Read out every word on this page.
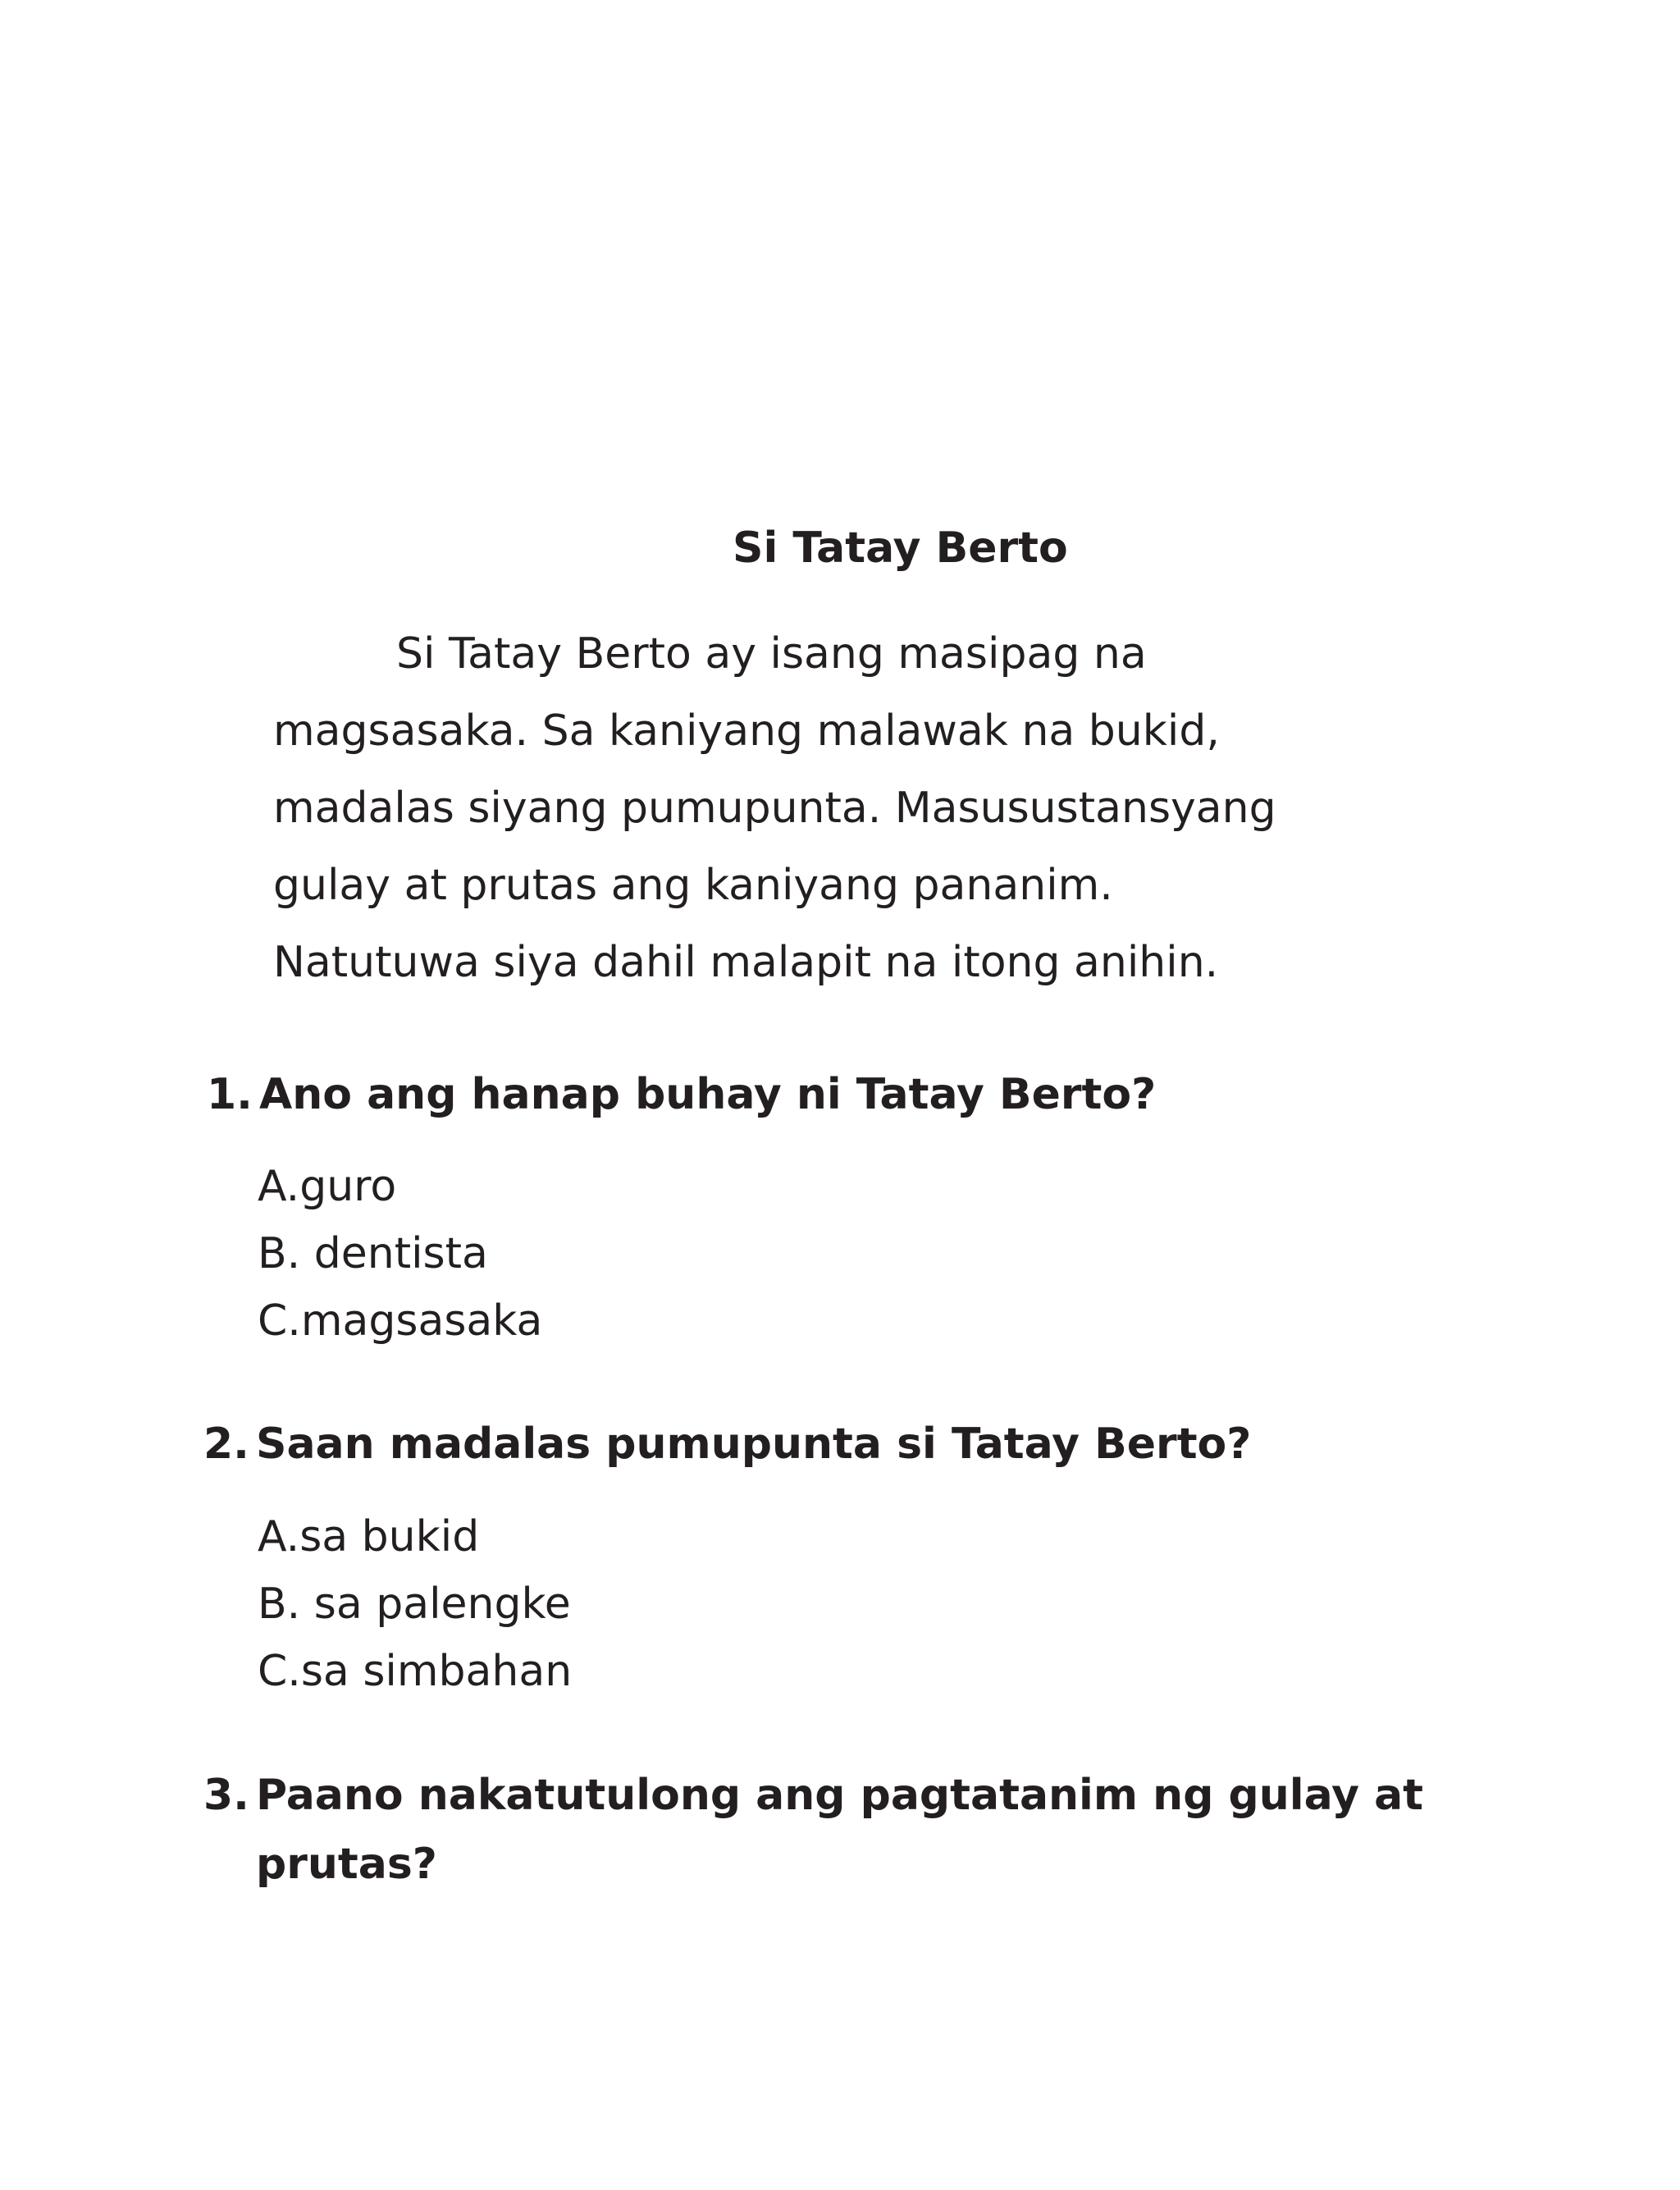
Si Tatay Berto
Si Tatay Berto ay isang masipag na
magsasaka. Sa kaniyang malawak na bukid,
madalas siyang pumupunta. Masusustansyang
gulay at prutas ang kaniyang pananim.
Natutuwa siya dahil malapit na itong anihin.
1. Ano ang hanap buhay ni Tatay Berto?
A.guro
B. dentista
C.magsasaka
2. Saan madalas pumupunta si Tatay Berto?
A.sa bukid
B. sa palengke
C.sa simbahan
3. Paano nakatutulong ang pagtatanim ng gulay at
prutas?
